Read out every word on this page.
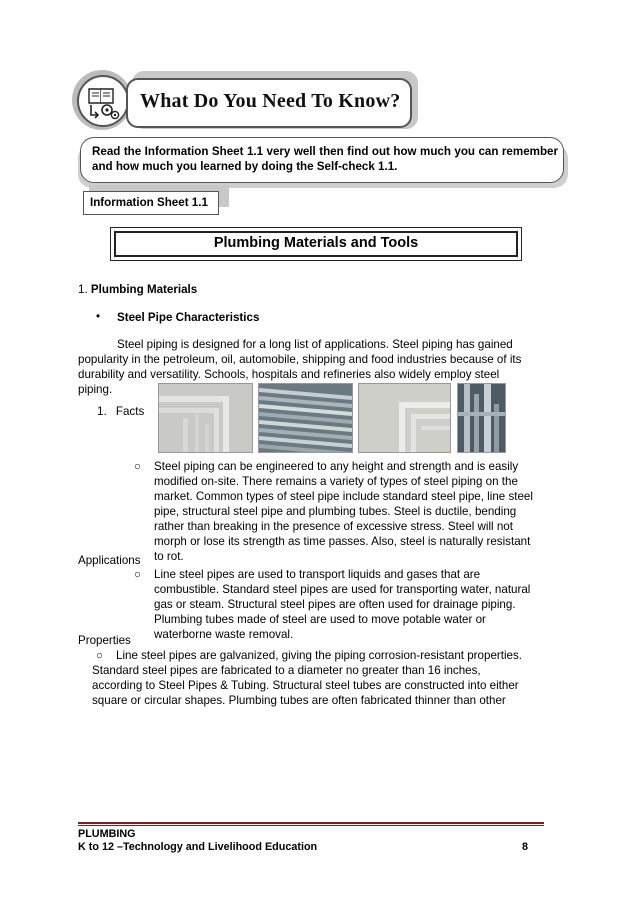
What Do You Need To Know?
Read the Information Sheet 1.1 very well then find out how much you can remember and how much you learned by doing the Self-check 1.1.
Information Sheet 1.1
Plumbing Materials and Tools
1. Plumbing Materials
• Steel Pipe Characteristics
Steel piping is designed for a long list of applications. Steel piping has gained
popularity in the petroleum, oil, automobile, shipping and food industries because of its
durability and versatility. Schools, hospitals and refineries also widely employ steel
piping.
1. Facts
○ Steel piping can be engineered to any height and strength and is easily
modified on-site. There remains a variety of types of steel piping on the
market. Common types of steel pipe include standard steel pipe, line steel
pipe, structural steel pipe and plumbing tubes. Steel is ductile, bending
rather than breaking in the presence of excessive stress. Steel will not
morph or lose its strength as time passes. Also, steel is naturally resistant
to rot.
Applications
○ Line steel pipes are used to transport liquids and gases that are
combustible. Standard steel pipes are used for transporting water, natural
gas or steam. Structural steel pipes are often used for drainage piping.
Plumbing tubes made of steel are used to move potable water or
waterborne waste removal.
Properties
○ Line steel pipes are galvanized, giving the piping corrosion-resistant properties.
Standard steel pipes are fabricated to a diameter no greater than 16 inches,
according to Steel Pipes & Tubing. Structural steel tubes are constructed into either
square or circular shapes. Plumbing tubes are often fabricated thinner than other
PLUMBING
K to 12 –Technology and Livelihood Education	8
